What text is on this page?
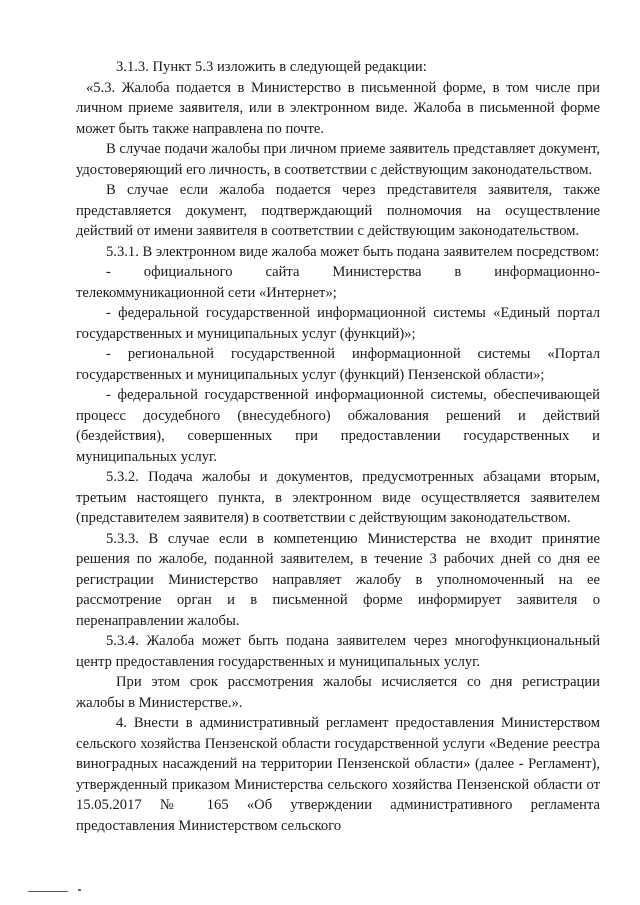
3.1.3. Пункт 5.3 изложить в следующей редакции:

«5.3. Жалоба подается в Министерство в письменной форме, в том числе при личном приеме заявителя, или в электронном виде. Жалоба в письменной форме может быть также направлена по почте.

В случае подачи жалобы при личном приеме заявитель представляет документ, удостоверяющий его личность, в соответствии с действующим законодательством.

В случае если жалоба подается через представителя заявителя, также представляется документ, подтверждающий полномочия на осуществление действий от имени заявителя в соответствии с действующим законодательством.

5.3.1. В электронном виде жалоба может быть подана заявителем посредством:

- официального сайта Министерства в информационно-телекоммуникационной сети «Интернет»;

- федеральной государственной информационной системы «Единый портал государственных и муниципальных услуг (функций)»;

- региональной государственной информационной системы «Портал государственных и муниципальных услуг (функций) Пензенской области»;

- федеральной государственной информационной системы, обеспечивающей процесс досудебного (внесудебного) обжалования решений и действий (бездействия), совершенных при предоставлении государственных и муниципальных услуг.

5.3.2. Подача жалобы и документов, предусмотренных абзацами вторым, третьим настоящего пункта, в электронном виде осуществляется заявителем (представителем заявителя) в соответствии с действующим законодательством.

5.3.3. В случае если в компетенцию Министерства не входит принятие решения по жалобе, поданной заявителем, в течение 3 рабочих дней со дня ее регистрации Министерство направляет жалобу в уполномоченный на ее рассмотрение орган и в письменной форме информирует заявителя о перенаправлении жалобы.

5.3.4. Жалоба может быть подана заявителем через многофункциональный центр предоставления государственных и муниципальных услуг.

При этом срок рассмотрения жалобы исчисляется со дня регистрации жалобы в Министерстве.».

4. Внести в административный регламент предоставления Министерством сельского хозяйства Пензенской области государственной услуги «Ведение реестра виноградных насаждений на территории Пензенской области» (далее - Регламент), утвержденный приказом Министерства сельского хозяйства Пензенской области от 15.05.2017 № 165 «Об утверждении административного регламента предоставления Министерством сельского
